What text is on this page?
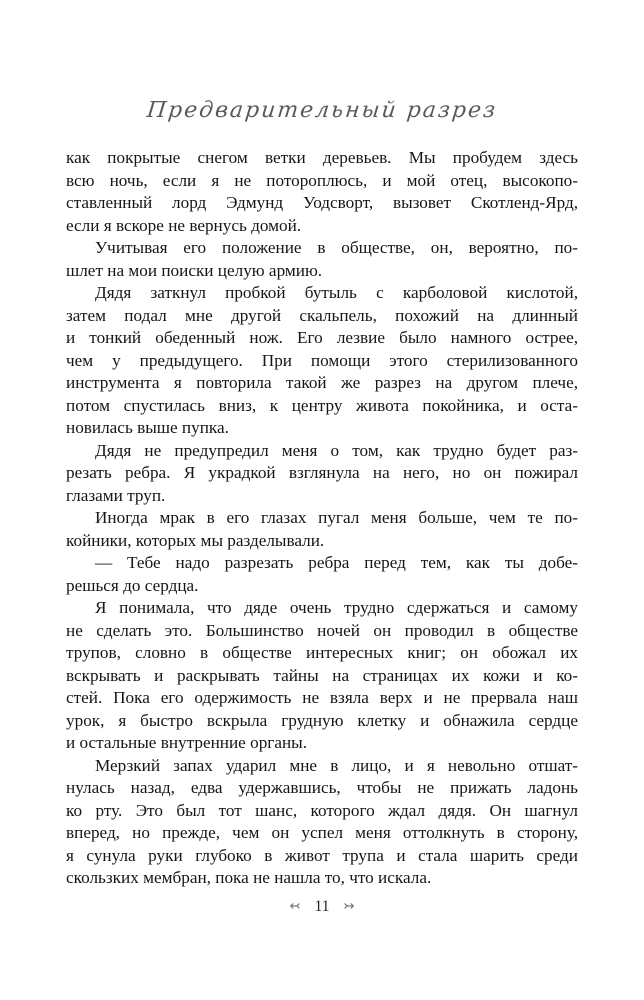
Предварительный разрез
как покрытые снегом ветки деревьев. Мы пробудем здесь
всю ночь, если я не потороплюсь, и мой отец, высокопо-
ставленный лорд Эдмунд Уодсворт, вызовет Скотленд-Ярд,
если я вскоре не вернусь домой.
Учитывая его положение в обществе, он, вероятно, по-
шлет на мои поиски целую армию.
Дядя заткнул пробкой бутыль с карболовой кислотой,
затем подал мне другой скальпель, похожий на длинный
и тонкий обеденный нож. Его лезвие было намного острее,
чем у предыдущего. При помощи этого стерилизованного
инструмента я повторила такой же разрез на другом плече,
потом спустилась вниз, к центру живота покойника, и оста-
новилась выше пупка.
Дядя не предупредил меня о том, как трудно будет раз-
резать ребра. Я украдкой взглянула на него, но он пожирал
глазами труп.
Иногда мрак в его глазах пугал меня больше, чем те по-
койники, которых мы разделывали.
— Тебе надо разрезать ребра перед тем, как ты добе-
решься до сердца.
Я понимала, что дяде очень трудно сдержаться и самому
не сделать это. Большинство ночей он проводил в обществе
трупов, словно в обществе интересных книг; он обожал их
вскрывать и раскрывать тайны на страницах их кожи и ко-
стей. Пока его одержимость не взяла верх и не прервала наш
урок, я быстро вскрыла грудную клетку и обнажила сердце
и остальные внутренние органы.
Мерзкий запах ударил мне в лицо, и я невольно отшат-
нулась назад, едва удержавшись, чтобы не прижать ладонь
ко рту. Это был тот шанс, которого ждал дядя. Он шагнул
вперед, но прежде, чем он успел меня оттолкнуть в сторону,
я сунула руки глубоко в живот трупа и стала шарить среди
скользких мембран, пока не нашла то, что искала.
↢ 11 ↣
